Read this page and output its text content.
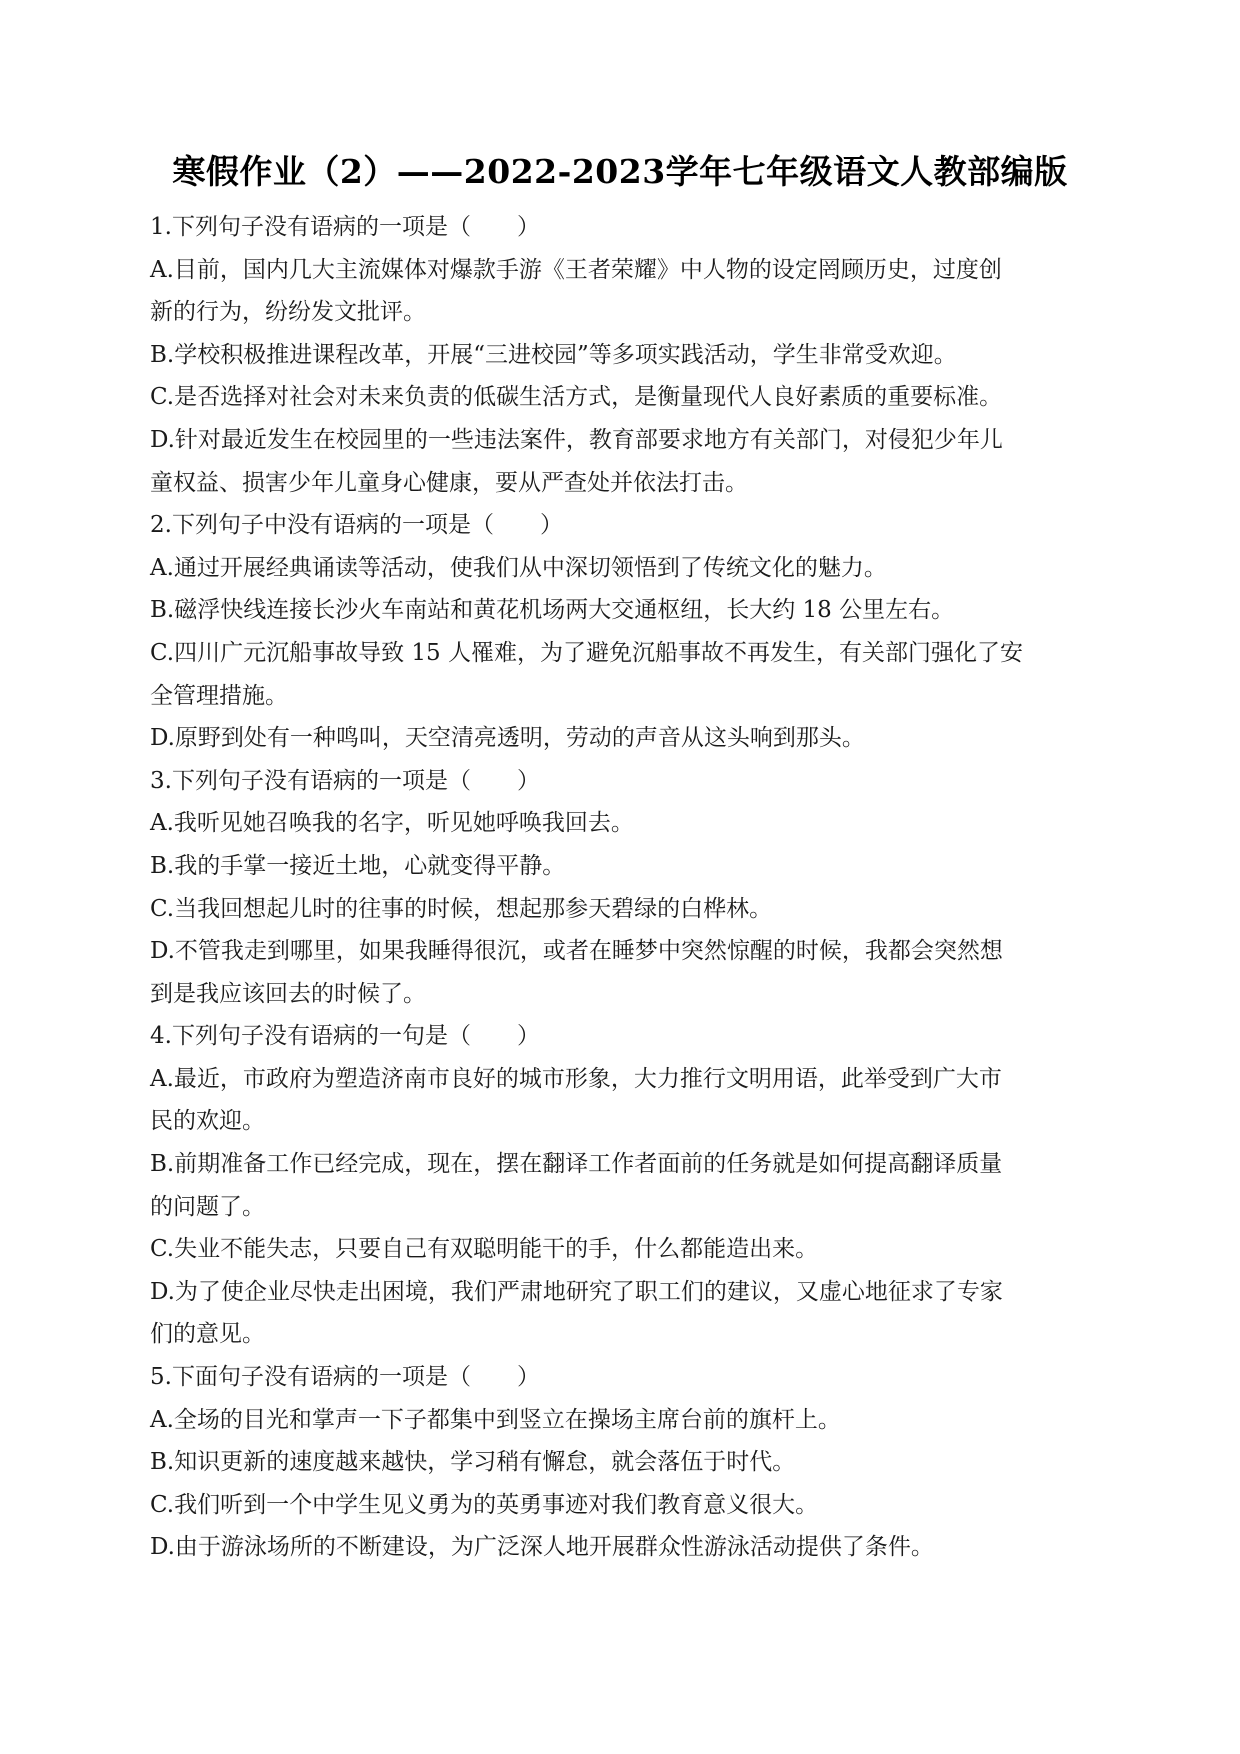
寒假作业（2）——2022-2023学年七年级语文人教部编版
1.下列句子没有语病的一项是（　　）
A.目前，国内几大主流媒体对爆款手游《王者荣耀》中人物的设定罔顾历史，过度创
新的行为，纷纷发文批评。
B.学校积极推进课程改革，开展“三进校园”等多项实践活动，学生非常受欢迎。
C.是否选择对社会对未来负责的低碳生活方式，是衡量现代人良好素质的重要标准。
D.针对最近发生在校园里的一些违法案件，教育部要求地方有关部门，对侵犯少年儿
童权益、损害少年儿童身心健康，要从严查处并依法打击。
2.下列句子中没有语病的一项是（　　）
A.通过开展经典诵读等活动，使我们从中深切领悟到了传统文化的魅力。
B.磁浮快线连接长沙火车南站和黄花机场两大交通枢纽，长大约 18 公里左右。
C.四川广元沉船事故导致 15 人罹难，为了避免沉船事故不再发生，有关部门强化了安
全管理措施。
D.原野到处有一种鸣叫，天空清亮透明，劳动的声音从这头响到那头。
3.下列句子没有语病的一项是（　　）
A.我听见她召唤我的名字，听见她呼唤我回去。
B.我的手掌一接近土地，心就变得平静。
C.当我回想起儿时的往事的时候，想起那参天碧绿的白桦林。
D.不管我走到哪里，如果我睡得很沉，或者在睡梦中突然惊醒的时候，我都会突然想
到是我应该回去的时候了。
4.下列句子没有语病的一句是（　　）
A.最近，市政府为塑造济南市良好的城市形象，大力推行文明用语，此举受到广大市
民的欢迎。
B.前期准备工作已经完成，现在，摆在翻译工作者面前的任务就是如何提高翻译质量
的问题了。
C.失业不能失志，只要自己有双聪明能干的手，什么都能造出来。
D.为了使企业尽快走出困境，我们严肃地研究了职工们的建议，又虚心地征求了专家
们的意见。
5.下面句子没有语病的一项是（　　）
A.全场的目光和掌声一下子都集中到竖立在操场主席台前的旗杆上。
B.知识更新的速度越来越快，学习稍有懈怠，就会落伍于时代。
C.我们听到一个中学生见义勇为的英勇事迹对我们教育意义很大。
D.由于游泳场所的不断建设，为广泛深人地开展群众性游泳活动提供了条件。
